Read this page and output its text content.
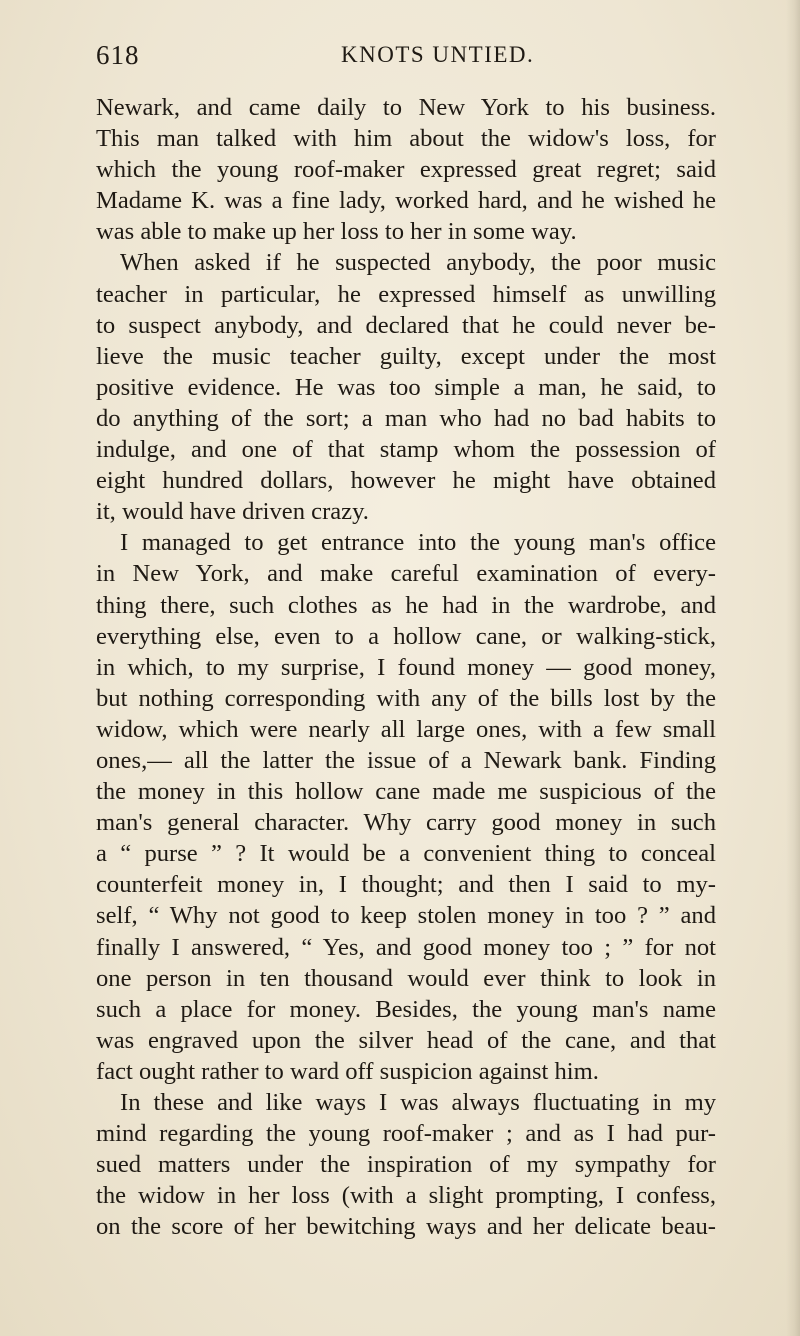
618	KNOTS UNTIED.
Newark, and came daily to New York to his business.
This man talked with him about the widow's loss, for
which the young roof-maker expressed great regret; said
Madame K. was a fine lady, worked hard, and he wished he
was able to make up her loss to her in some way.
When asked if he suspected anybody, the poor music
teacher in particular, he expressed himself as unwilling
to suspect anybody, and declared that he could never be-
lieve the music teacher guilty, except under the most
positive evidence. He was too simple a man, he said, to
do anything of the sort; a man who had no bad habits to
indulge, and one of that stamp whom the possession of
eight hundred dollars, however he might have obtained
it, would have driven crazy.
I managed to get entrance into the young man's office
in New York, and make careful examination of every-
thing there, such clothes as he had in the wardrobe, and
everything else, even to a hollow cane, or walking-stick,
in which, to my surprise, I found money — good money,
but nothing corresponding with any of the bills lost by the
widow, which were nearly all large ones, with a few small
ones,— all the latter the issue of a Newark bank. Finding
the money in this hollow cane made me suspicious of the
man's general character. Why carry good money in such
a “ purse ” ? It would be a convenient thing to conceal
counterfeit money in, I thought; and then I said to my-
self, “ Why not good to keep stolen money in too ? ” and
finally I answered, “ Yes, and good money too ; ” for not
one person in ten thousand would ever think to look in
such a place for money. Besides, the young man's name
was engraved upon the silver head of the cane, and that
fact ought rather to ward off suspicion against him.
In these and like ways I was always fluctuating in my
mind regarding the young roof-maker ; and as I had pur-
sued matters under the inspiration of my sympathy for
the widow in her loss (with a slight prompting, I confess,
on the score of her bewitching ways and her delicate beau-
